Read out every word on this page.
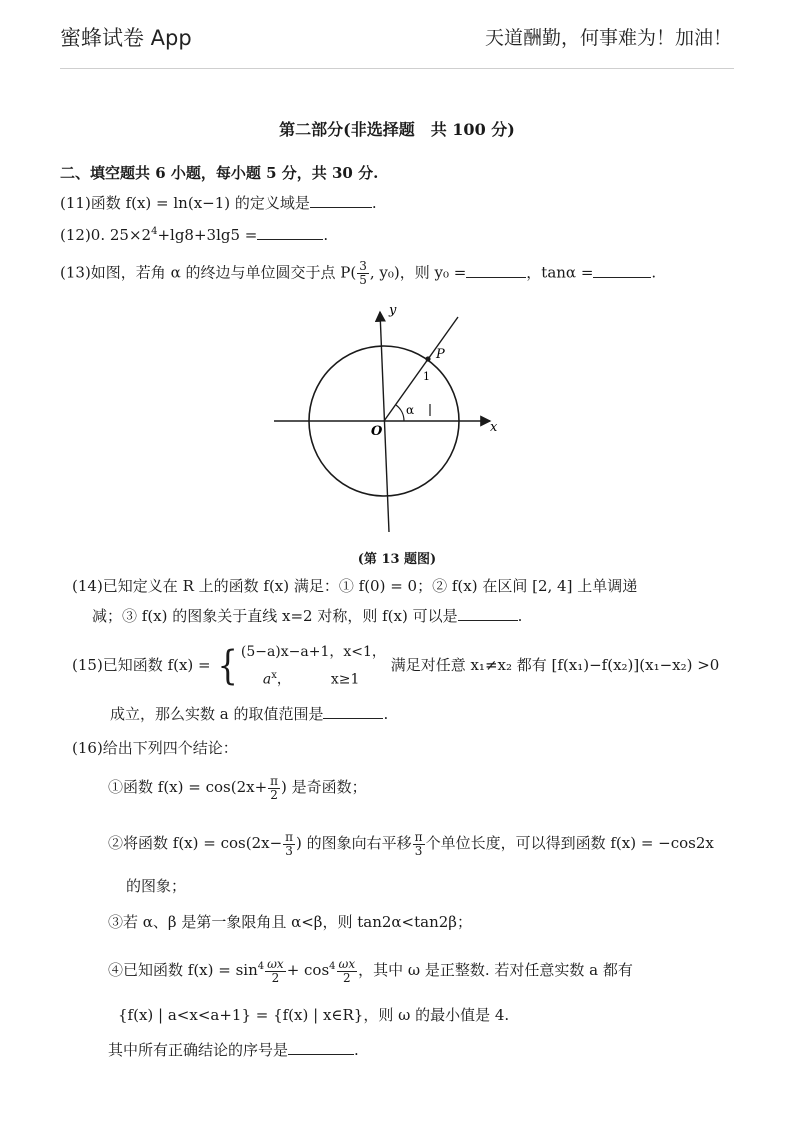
蜜蜂试卷 App	天道酬勤，何事难为！加油！
第二部分(非选择题　共 100 分)
二、填空题共 6 小题，每小题 5 分，共 30 分.
(11)函数 f(x) = ln(x−1) 的定义域是	.
(12)0. $25\times 2^4+\lg 8+3\lg 5$ =	.
(13)如图，若角 α 的终边与单位圆交于点 $P( \frac{3}{5}$ , y₀)，则 y₀ =	，tanα =	.
y
x
O
P
α
1
(第 13 题图)
(14)已知定义在 R 上的函数 f(x) 满足：① f(0) = 0；② f(x) 在区间 [2, 4] 上单调递
减；③ f(x) 的图象关于直线 x=2 对称，则 f(x) 可以是	.
(15)已知函数 f(x) = { (5−a)x−a+1，x<1，
$a^x$，	x≥1
满足对任意 x₁≠x₂ 都有 [f(x₁)−f(x₂)](x₁−x₂) >0
成立，那么实数 a 的取值范围是	.
(16)给出下列四个结论：
①函数 $f(x) = \cos(2x+ \frac{\pi}{2}$ ) 是奇函数；
②将函数 $f(x) = \cos(2x- \frac{\pi}{3}$ ) 的图象向右平移 $\frac{\pi}{3}$ 个单位长度，可以得到函数 f(x) = −cos2x
的图象；
③若 α、β 是第一象限角且 α<β，则 tan2α<tan2β；
④已知函数 $f(x) = \sin^4 \frac{\omega x}{2} + \cos^4 \frac{\omega x}{2}$ ，其中 ω 是正整数. 若对任意实数 a 都有
{f(x) | a<x<a+1} = {f(x) | x∈R}，则 ω 的最小值是 4.
其中所有正确结论的序号是	.
